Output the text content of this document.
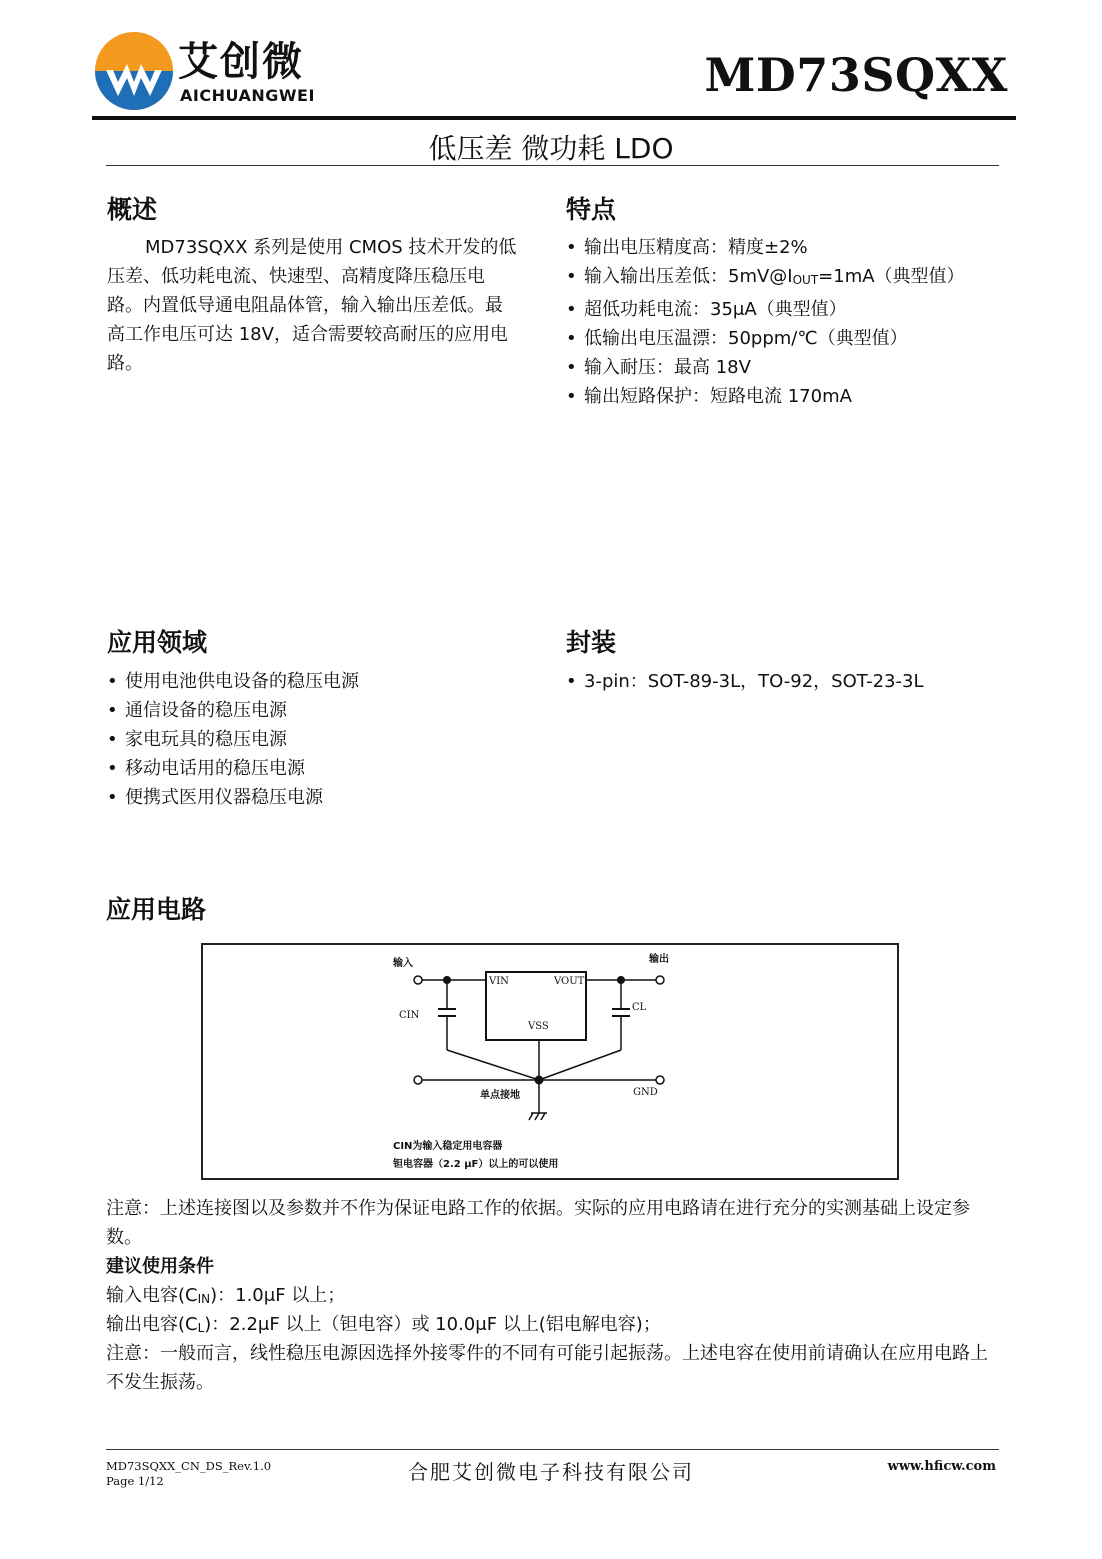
艾创微
AICHUANGWEI	MD73SQXX
低压差 微功耗 LDO
概述
MD73SQXX 系列是使用 CMOS 技术开发的低压差、低功耗电流、快速型、高精度降压稳压电路。内置低导通电阻晶体管，输入输出压差低。最高工作电压可达 18V，适合需要较高耐压的应用电路。
特点
• 输出电压精度高：精度±2%
• 输入输出压差低：$5mV@I_{OUT}=1mA$（典型值）
• 超低功耗电流：35μA（典型值）
• 低输出电压温漂：50ppm/℃（典型值）
• 输入耐压：最高 18V
• 输出短路保护：短路电流 170mA
应用领域
• 使用电池供电设备的稳压电源
• 通信设备的稳压电源
• 家电玩具的稳压电源
• 移动电话用的稳压电源
• 便携式医用仪器稳压电源
封装
• 3-pin：SOT-89-3L，TO-92，SOT-23-3L
应用电路
输入	输出
VIN	VOUT
VSS
CIN
CL
GND
单点接地
CIN为输入稳定用电容器
钽电容器（2.2 μF）以上的可以使用
注意：上述连接图以及参数并不作为保证电路工作的依据。实际的应用电路请在进行充分的实测基础上设定参数。
建议使用条件
输入电容$(C_{IN})$：1.0μF 以上；
输出电容$(C_L)$：2.2μF 以上（钽电容）或 10.0μF 以上(铝电解电容)；
注意：一般而言，线性稳压电源因选择外接零件的不同有可能引起振荡。上述电容在使用前请确认在应用电路上不发生振荡。
MD73SQXX_CN_DS_Rev.1.0
Page 1/12	合肥艾创微电子科技有限公司	www.hficw.com
